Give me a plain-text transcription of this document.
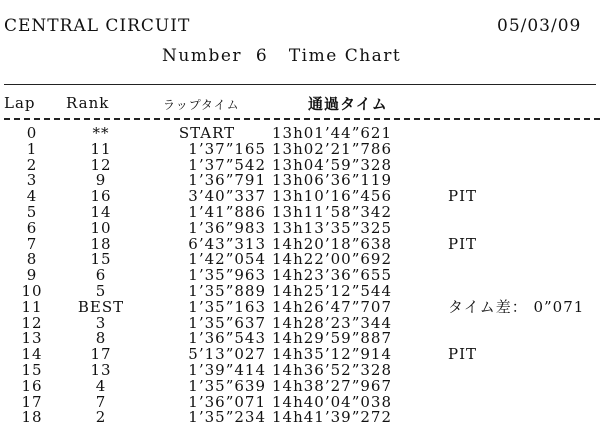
CENTRAL CIRCUIT	05/03/09
Number  6   Time Chart
Lap Rank	ラップタイム	通過タイム
0	**	START	13h01’44”621
1	11	1’37”165 13h02’21”786
2	12	1’37”542 13h04’59”328
3	9	1’36”791 13h06’36”119
4	16	3’40”337 13h10’16”456	PIT
5	14	1’41”886 13h11’58”342
6	10	1’36”983 13h13’35”325
7	18	6’43”313 14h20’18”638	PIT
8	15	1’42”054 14h22’00”692
9	6	1’35”963 14h23’36”655
10	5	1’35”889 14h25’12”544
11	BEST	1’35”163 14h26’47”707	タイム差： 0”071
12	3	1’35”637 14h28’23”344
13	8	1’36”543 14h29’59”887
14	17	5’13”027 14h35’12”914	PIT
15	13	1’39”414 14h36’52”328
16	4	1’35”639 14h38’27”967
17	7	1’36”071 14h40’04”038
18	2	1’35”234 14h41’39”272
